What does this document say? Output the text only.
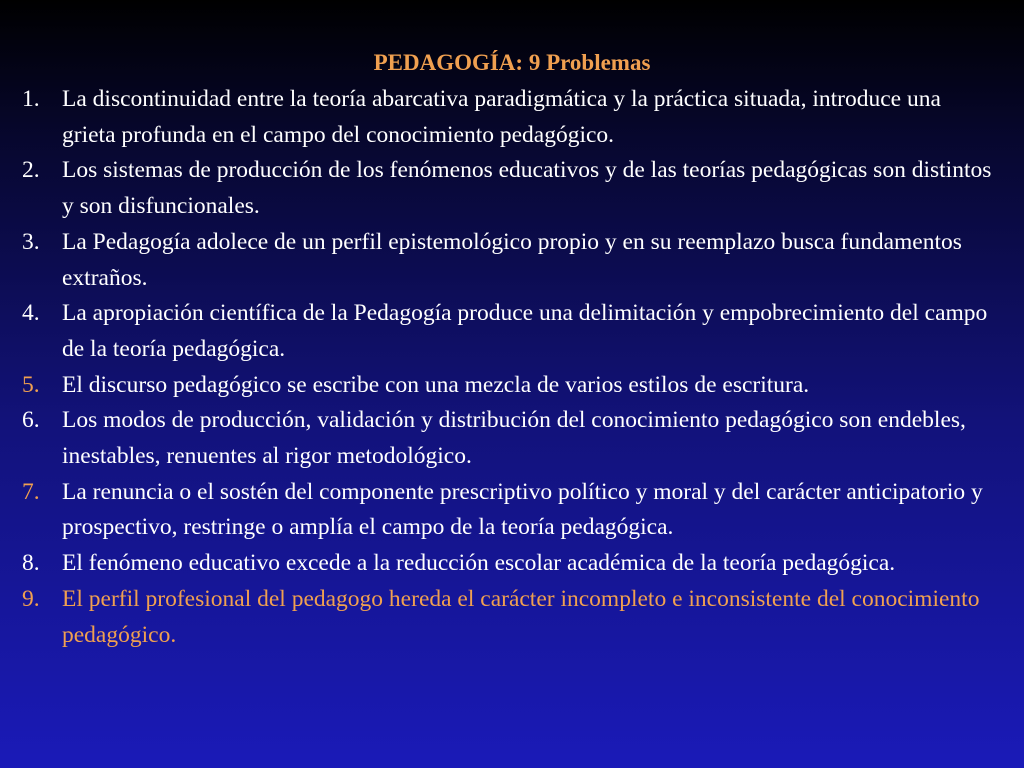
PEDAGOGÍA: 9 Problemas
1. La discontinuidad entre la teoría abarcativa paradigmática y la práctica situada, introduce una grieta profunda en el campo del conocimiento pedagógico.
2. Los sistemas de producción de los fenómenos educativos y de las teorías pedagógicas son distintos y son disfuncionales.
3. La Pedagogía adolece de un perfil epistemológico propio y en su reemplazo busca fundamentos extraños.
4. La apropiación científica de la Pedagogía produce una delimitación y empobrecimiento del campo de la teoría pedagógica.
5. El discurso pedagógico se escribe con una mezcla de varios estilos de escritura.
6. Los modos de producción, validación y distribución del conocimiento pedagógico son endebles, inestables, renuentes al rigor metodológico.
7. La renuncia o el sostén del componente prescriptivo político y moral y del carácter anticipatorio y prospectivo, restringe o amplía el campo de la teoría pedagógica.
8. El fenómeno educativo excede a la reducción escolar académica de la teoría pedagógica.
9. El perfil profesional del pedagogo hereda el carácter incompleto e inconsistente del conocimiento pedagógico.
